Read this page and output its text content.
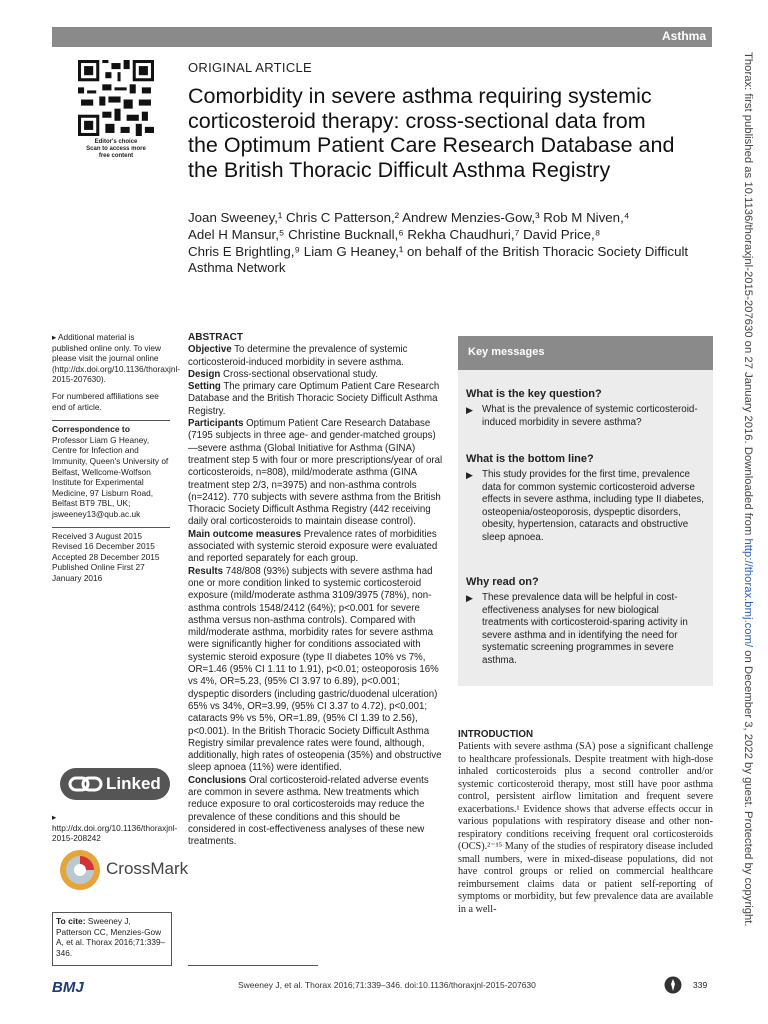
Asthma
Editor's choice
Scan to access more
free content
ORIGINAL ARTICLE
Comorbidity in severe asthma requiring systemic
corticosteroid therapy: cross-sectional data from
the Optimum Patient Care Research Database and
the British Thoracic Difficult Asthma Registry
Joan Sweeney,¹ Chris C Patterson,² Andrew Menzies-Gow,³ Rob M Niven,⁴
Adel H Mansur,⁵ Christine Bucknall,⁶ Rekha Chaudhuri,⁷ David Price,⁸
Chris E Brightling,⁹ Liam G Heaney,¹ on behalf of the British Thoracic Society Difficult
Asthma Network
▸ Additional material is published online only. To view please visit the journal online (http://dx.doi.org/10.1136/thoraxjnl-2015-207630).
For numbered affiliations see end of article.
Correspondence to
Professor Liam G Heaney, Centre for Infection and Immunity, Queen's University of Belfast, Wellcome-Wolfson Institute for Experimental Medicine, 97 Lisburn Road, Belfast BT9 7BL, UK; jsweeney13@qub.ac.uk
Received 3 August 2015 Revised 16 December 2015 Accepted 28 December 2015 Published Online First 27 January 2016
Linked
▸ http://dx.doi.org/10.1136/thoraxjnl-2015-208242
CrossMark
To cite: Sweeney J, Patterson CC, Menzies-Gow A, et al. Thorax 2016;71:339–346.
ABSTRACT

Objective To determine the prevalence of systemic corticosteroid-induced morbidity in severe asthma.

Design Cross-sectional observational study.

Setting The primary care Optimum Patient Care Research Database and the British Thoracic Society Difficult Asthma Registry.

Participants Optimum Patient Care Research Database (7195 subjects in three age- and gender-matched groups)—severe asthma (Global Initiative for Asthma (GINA) treatment step 5 with four or more prescriptions/year of oral corticosteroids, n=808), mild/moderate asthma (GINA treatment step 2/3, n=3975) and non-asthma controls (n=2412). 770 subjects with severe asthma from the British Thoracic Society Difficult Asthma Registry (442 receiving daily oral corticosteroids to maintain disease control).

Main outcome measures Prevalence rates of morbidities associated with systemic steroid exposure were evaluated and reported separately for each group.

Results 748/808 (93%) subjects with severe asthma had one or more condition linked to systemic corticosteroid exposure (mild/moderate asthma 3109/3975 (78%), non-asthma controls 1548/2412 (64%); p<0.001 for severe asthma versus non-asthma controls). Compared with mild/moderate asthma, morbidity rates for severe asthma were significantly higher for conditions associated with systemic steroid exposure (type II diabetes 10% vs 7%, OR=1.46 (95% CI 1.11 to 1.91), p<0.01; osteoporosis 16% vs 4%, OR=5.23, (95% CI 3.97 to 6.89), p<0.001; dyspeptic disorders (including gastric/duodenal ulceration) 65% vs 34%, OR=3.99, (95% CI 3.37 to 4.72), p<0.001; cataracts 9% vs 5%, OR=1.89, (95% CI 1.39 to 2.56), p<0.001). In the British Thoracic Society Difficult Asthma Registry similar prevalence rates were found, although, additionally, high rates of osteopenia (35%) and obstructive sleep apnoea (11%) were identified.

Conclusions Oral corticosteroid-related adverse events are common in severe asthma. New treatments which reduce exposure to oral corticosteroids may reduce the prevalence of these conditions and this should be considered in cost-effectiveness analyses of these new treatments.

What is the key question?
▶ What is the prevalence of systemic corticosteroid-induced morbidity in severe asthma?
What is the bottom line?
▶ This study provides for the first time, prevalence data for common systemic corticosteroid adverse effects in severe asthma, including type II diabetes, osteopenia/osteoporosis, dyspeptic disorders, obesity, hypertension, cataracts and obstructive sleep apnoea.
Why read on?
▶ These prevalence data will be helpful in cost-effectiveness analyses for new biological treatments with corticosteroid-sparing activity in severe asthma and in identifying the need for systematic screening programmes in severe asthma.
Key messages
INTRODUCTION
Patients with severe asthma (SA) pose a significant challenge to healthcare professionals. Despite treatment with high-dose inhaled corticosteroids plus a second controller and/or systemic corticosteroid therapy, most still have poor asthma control, persistent airflow limitation and frequent severe exacerbations.¹ Evidence shows that adverse effects occur in various populations with respiratory disease and other non-respiratory conditions receiving frequent oral corticosteroids (OCS).²⁻¹⁵ Many of the studies of respiratory disease included small numbers, were in mixed-disease populations, did not have control groups or relied on commercial healthcare reimbursement claims data or patient self-reporting of symptoms or morbidity, but few prevalence data are available in a well-
BMJ	Sweeney J, et al. Thorax 2016;71:339–346. doi:10.1136/thoraxjnl-2015-207630	339
Thorax: first published as 10.1136/thoraxjnl-2015-207630 on 27 January 2016. Downloaded from http://thorax.bmj.com/ on December 3, 2022 by guest. Protected by copyright.
